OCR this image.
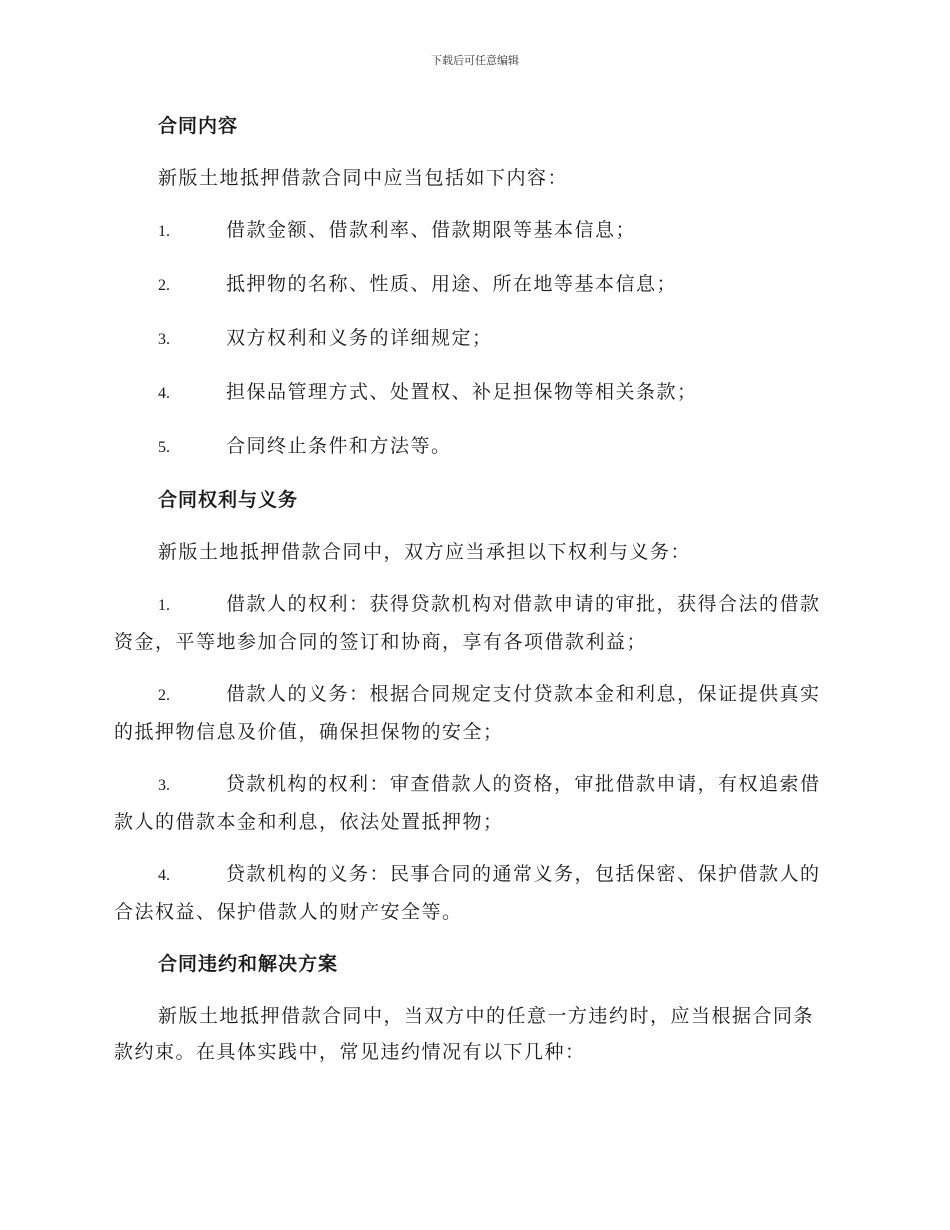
下载后可任意编辑
合同内容
新版土地抵押借款合同中应当包括如下内容：
1.	借款金额、借款利率、借款期限等基本信息；
2.	抵押物的名称、性质、用途、所在地等基本信息；
3.	双方权利和义务的详细规定；
4.	担保品管理方式、处置权、补足担保物等相关条款；
5.	合同终止条件和方法等。
合同权利与义务
新版土地抵押借款合同中，双方应当承担以下权利与义务：
1.	借款人的权利：获得贷款机构对借款申请的审批，获得合法的借款资金，平等地参加合同的签订和协商，享有各项借款利益；
2.	借款人的义务：根据合同规定支付贷款本金和利息，保证提供真实的抵押物信息及价值，确保担保物的安全；
3.	贷款机构的权利：审查借款人的资格，审批借款申请，有权追索借款人的借款本金和利息，依法处置抵押物；
4.	贷款机构的义务：民事合同的通常义务，包括保密、保护借款人的合法权益、保护借款人的财产安全等。
合同违约和解决方案
新版土地抵押借款合同中，当双方中的任意一方违约时，应当根据合同条款约束。在具体实践中，常见违约情况有以下几种：
